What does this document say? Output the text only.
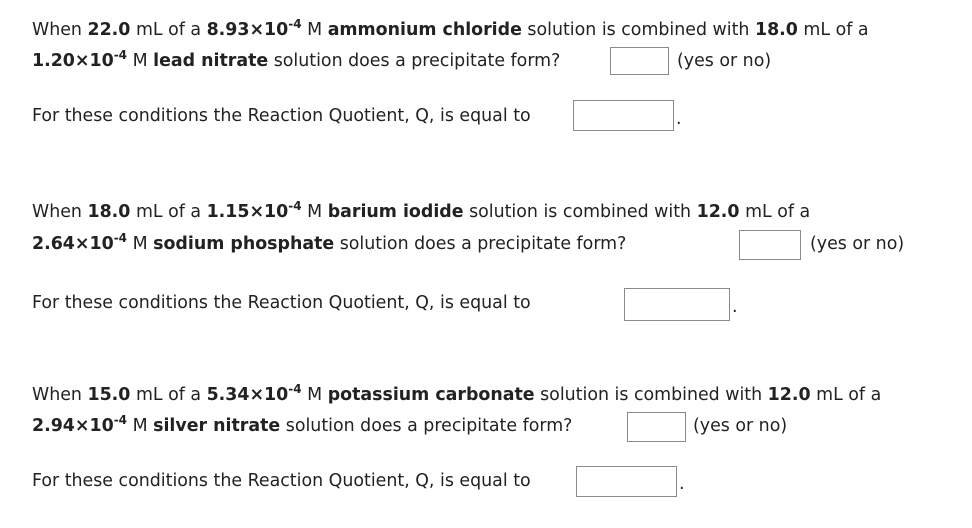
When 22.0 mL of a $8.93\times 10^{-4}$ M ammonium chloride solution is combined with 18.0 mL of a
$1.20\times 10^{-4}$ M lead nitrate solution does a precipitate form?	(yes or no)
For these conditions the Reaction Quotient, Q, is equal to	.
When 18.0 mL of a $1.15\times 10^{-4}$ M barium iodide solution is combined with 12.0 mL of a
$2.64\times 10^{-4}$ M sodium phosphate solution does a precipitate form?	(yes or no)
For these conditions the Reaction Quotient, Q, is equal to	.
When 15.0 mL of a $5.34\times 10^{-4}$ M potassium carbonate solution is combined with 12.0 mL of a
$2.94\times 10^{-4}$ M silver nitrate solution does a precipitate form?	(yes or no)
For these conditions the Reaction Quotient, Q, is equal to	.
